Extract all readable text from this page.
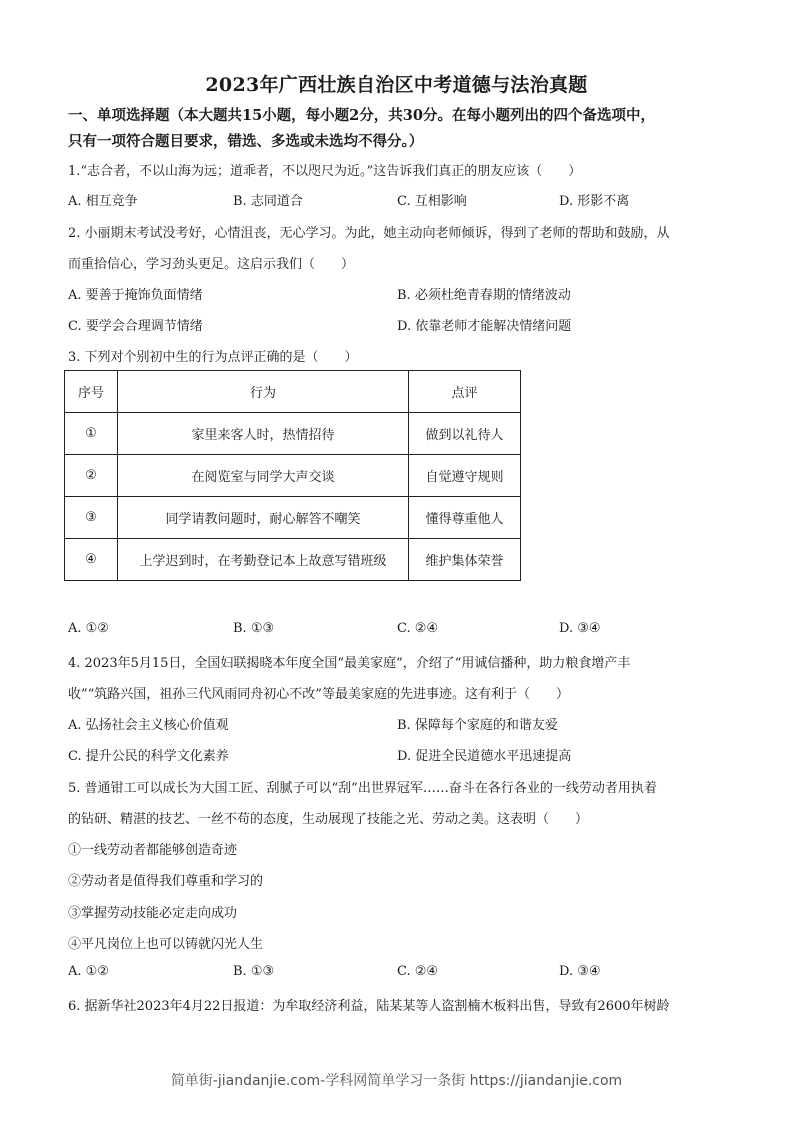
2023年广西壮族自治区中考道德与法治真题
一、单项选择题（本大题共15小题，每小题2分，共30分。在每小题列出的四个备选项中，
只有一项符合题目要求，错选、多选或未选均不得分。）
1.“志合者，不以山海为远；道乖者，不以咫尺为近。”这告诉我们真正的朋友应该（　　）
A. 相互竞争	B. 志同道合	C. 互相影响	D. 形影不离
2. 小丽期末考试没考好，心情沮丧，无心学习。为此，她主动向老师倾诉，得到了老师的帮助和鼓励，从
而重拾信心，学习劲头更足。这启示我们（　　）
A. 要善于掩饰负面情绪	B. 必须杜绝青春期的情绪波动
C. 要学会合理调节情绪	D. 依靠老师才能解决情绪问题
3. 下列对个别初中生的行为点评正确的是（　　）
序号	行为	点评
①	家里来客人时，热情招待	做到以礼待人
②	在阅览室与同学大声交谈	自觉遵守规则
③	同学请教问题时，耐心解答不嘲笑	懂得尊重他人
④	上学迟到时，在考勤登记本上故意写错班级	维护集体荣誉
A. ①②	B. ①③	C. ②④	D. ③④
4. 2023年5月15日，全国妇联揭晓本年度全国“最美家庭”，介绍了“用诚信播种，助力粮食增产丰
收”“筑路兴国，祖孙三代风雨同舟初心不改”等最美家庭的先进事迹。这有利于（　　）
A. 弘扬社会主义核心价值观	B. 保障每个家庭的和谐友爱
C. 提升公民的科学文化素养	D. 促进全民道德水平迅速提高
5. 普通钳工可以成长为大国工匠、刮腻子可以“刮”出世界冠军……奋斗在各行各业的一线劳动者用执着
的钻研、精湛的技艺、一丝不苟的态度，生动展现了技能之光、劳动之美。这表明（　　）
①一线劳动者都能够创造奇迹
②劳动者是值得我们尊重和学习的
③掌握劳动技能必定走向成功
④平凡岗位上也可以铸就闪光人生
A. ①②	B. ①③	C. ②④	D. ③④
6. 据新华社2023年4月22日报道：为牟取经济利益，陆某某等人盗割楠木板料出售，导致有2600年树龄
简单街-jiandanjie.com-学科网简单学习一条街 https://jiandanjie.com
